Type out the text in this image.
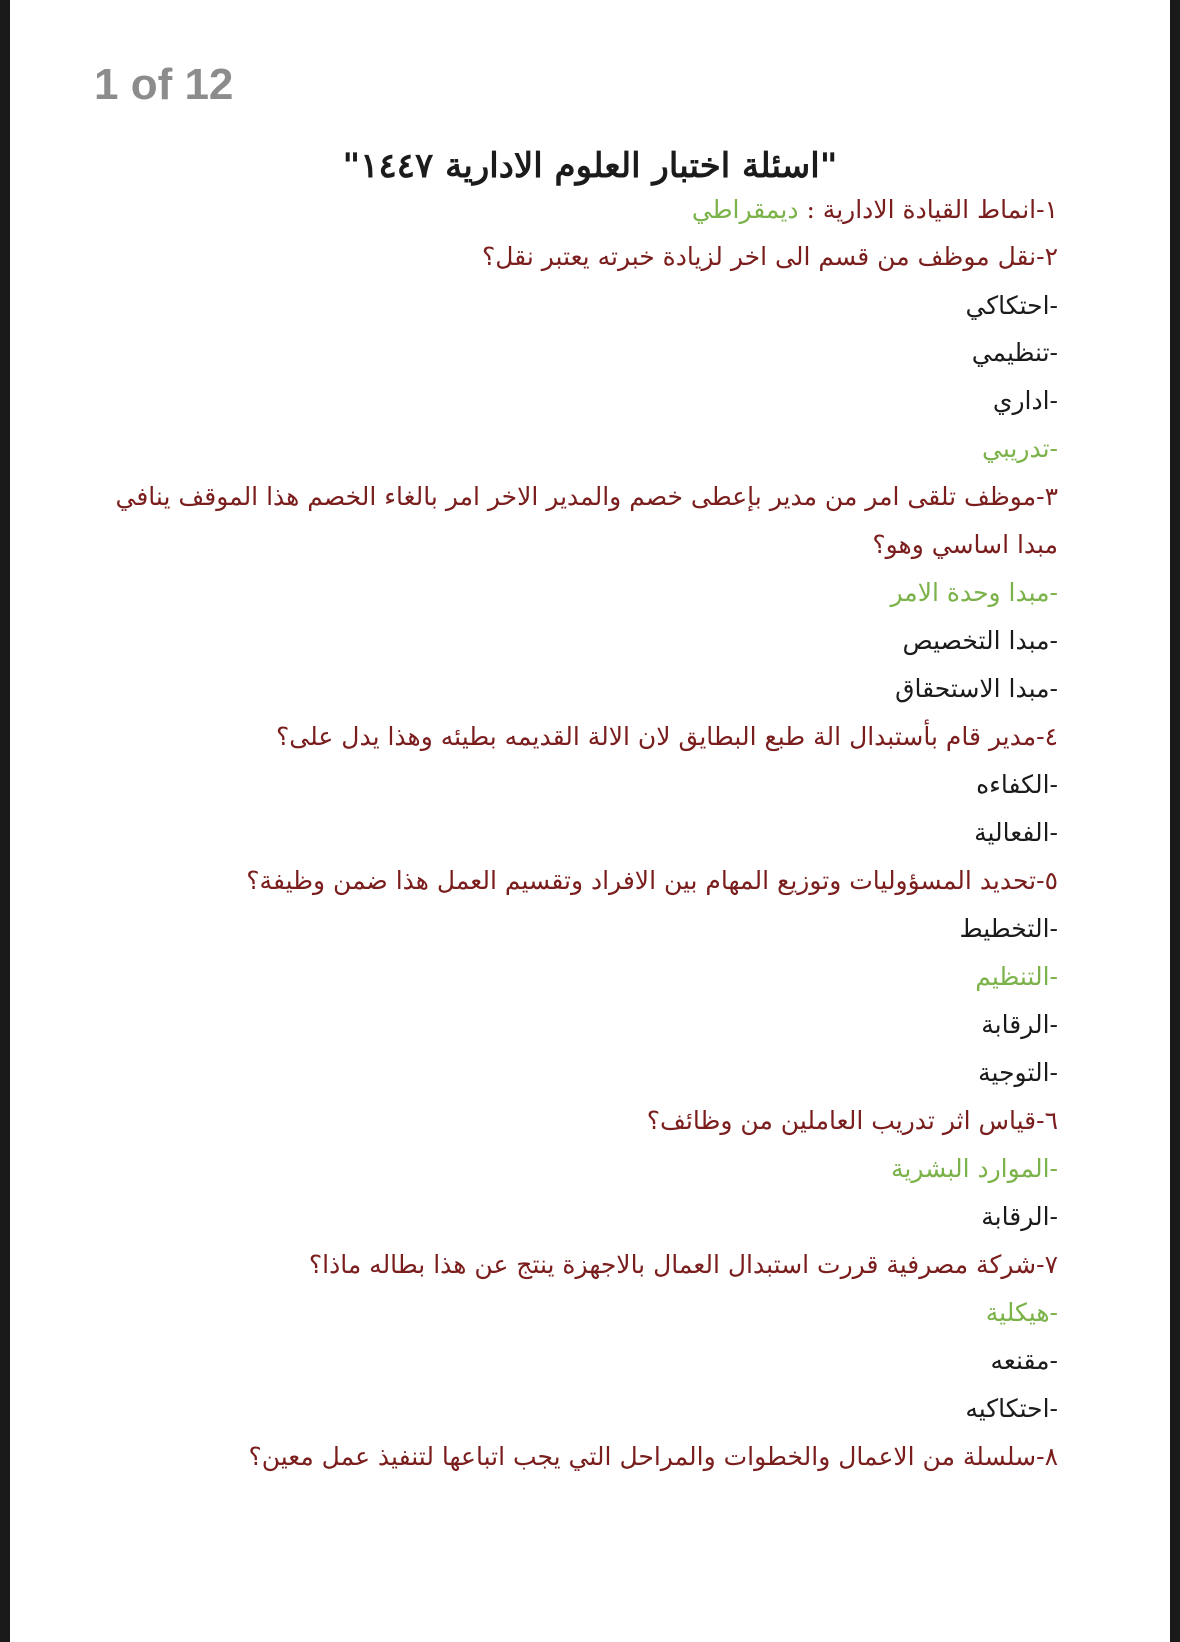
1 of 12
"اسئلة اختبار العلوم الادارية ١٤٤٧"
١-انماط القيادة الادارية : ديمقراطي
٢-نقل موظف من قسم الى اخر لزيادة خبرته يعتبر نقل؟
-احتكاكي
-تنظيمي
-اداري
-تدريبي
٣-موظف تلقى امر من مدير بإعطى خصم والمدير الاخر امر بالغاء الخصم هذا الموقف ينافي
مبدا اساسي وهو؟
-مبدا وحدة الامر
-مبدا التخصيص
-مبدا الاستحقاق
٤-مدير قام بأستبدال الة طبع البطايق لان الالة القديمه بطيئه وهذا يدل على؟
-الكفاءه
-الفعالية
٥-تحديد المسؤوليات وتوزيع المهام بين الافراد وتقسيم العمل هذا ضمن وظيفة؟
-التخطيط
-التنظيم
-الرقابة
-التوجية
٦-قياس اثر تدريب العاملين من وظائف؟
-الموارد البشرية
-الرقابة
٧-شركة مصرفية قررت استبدال العمال بالاجهزة ينتج عن هذا بطاله ماذا؟
-هيكلية
-مقنعه
-احتكاكيه
٨-سلسلة من الاعمال والخطوات والمراحل التي يجب اتباعها لتنفيذ عمل معين؟
